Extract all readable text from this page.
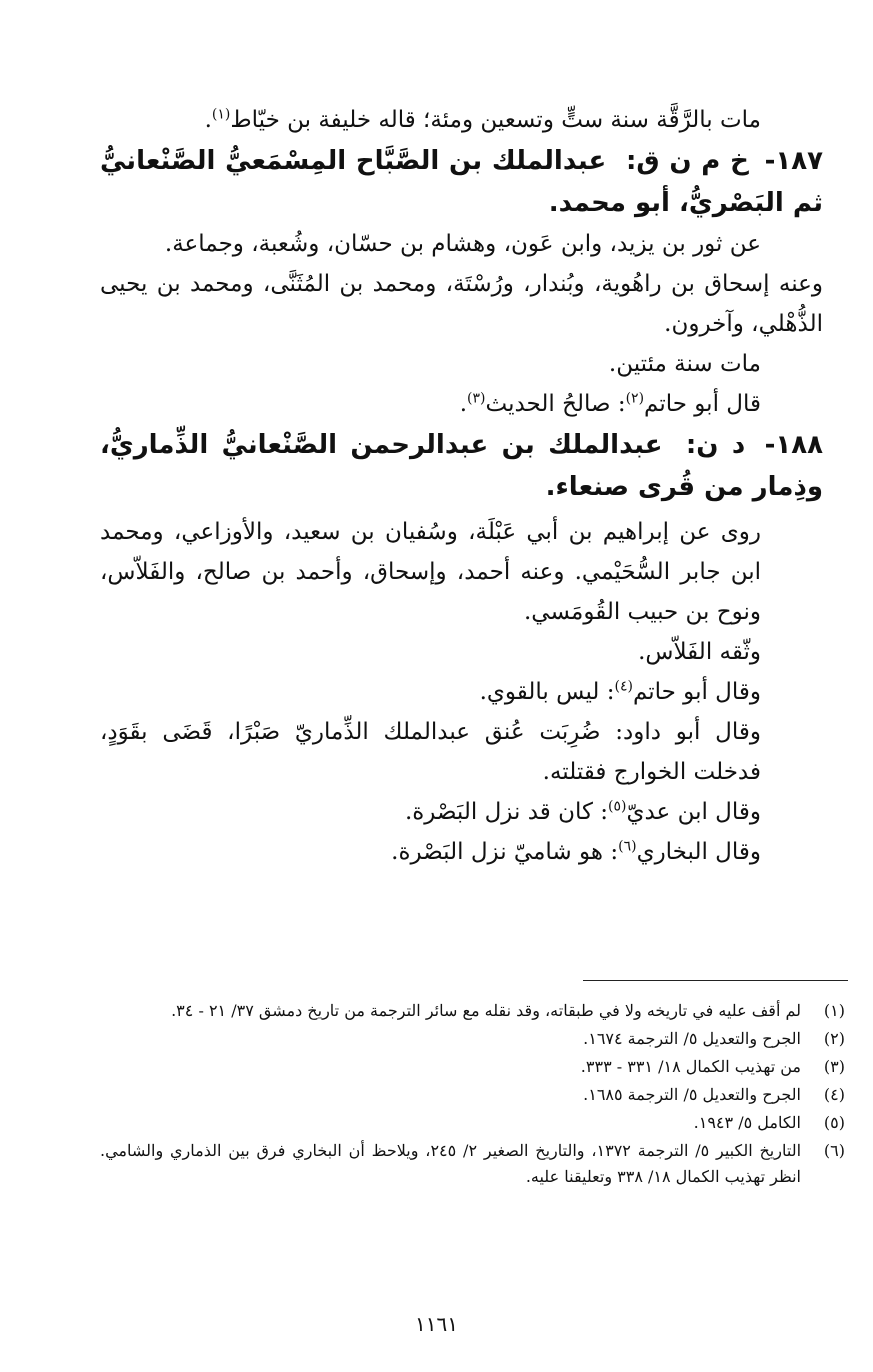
مات بالرَّقَّة سنة ستٍّ وتسعين ومئة؛ قاله خليفة بن خيّاط$^{(١)}$.

١٨٧- خ م ن ق: عبدالملك بن الصَّبَّاح المِسْمَعيُّ الصَّنْعانيُّ ثم البَصْريُّ، أبو محمد.

عن ثور بن يزيد، وابن عَون، وهشام بن حسّان، وشُعبة، وجماعة.

وعنه إسحاق بن راهُوية، وبُندار، ورُسْتَة، ومحمد بن المُثَنَّى، ومحمد بن يحيى الذُّهْلي، وآخرون.

مات سنة مئتين.

قال أبو حاتم$^{(٢)}$: صالحُ الحديث$^{(٣)}$.

١٨٨- د ن: عبدالملك بن عبدالرحمن الصَّنْعانيُّ الذِّماريُّ، وذِمار من قُرى صنعاء.

روى عن إبراهيم بن أبي عَبْلَة، وسُفيان بن سعيد، والأوزاعي، ومحمد ابن جابر السُّحَيْمي. وعنه أحمد، وإسحاق، وأحمد بن صالح، والفَلاّس، ونوح بن حبيب القُومَسي.

وثّقه الفَلاّس.

وقال أبو حاتم$^{(٤)}$: ليس بالقوي.

وقال أبو داود: ضُرِبَت عُنق عبدالملك الذِّماريّ صَبْرًا، قَضَى بقَوَدٍ، فدخلت الخوارج فقتلته.

وقال ابن عديّ$^{(٥)}$: كان قد نزل البَصْرة.

وقال البخاري$^{(٦)}$: هو شاميّ نزل البَصْرة.

(١)
لم أقف عليه في تاريخه ولا في طبقاته، وقد نقله مع سائر الترجمة من تاريخ دمشق ٣٧/ ٢١ - ٣٤.
(٢)
الجرح والتعديل ٥/ الترجمة ١٦٧٤.
(٣)
من تهذيب الكمال ١٨/ ٣٣١ - ٣٣٣.
(٤)
الجرح والتعديل ٥/ الترجمة ١٦٨٥.
(٥)
الكامل ٥/ ١٩٤٣.
(٦)
التاريخ الكبير ٥/ الترجمة ١٣٧٢، والتاريخ الصغير ٢/ ٢٤٥، ويلاحظ أن البخاري فرق بين الذماري والشامي. انظر تهذيب الكمال ١٨/ ٣٣٨ وتعليقنا عليه.
١١٦١
